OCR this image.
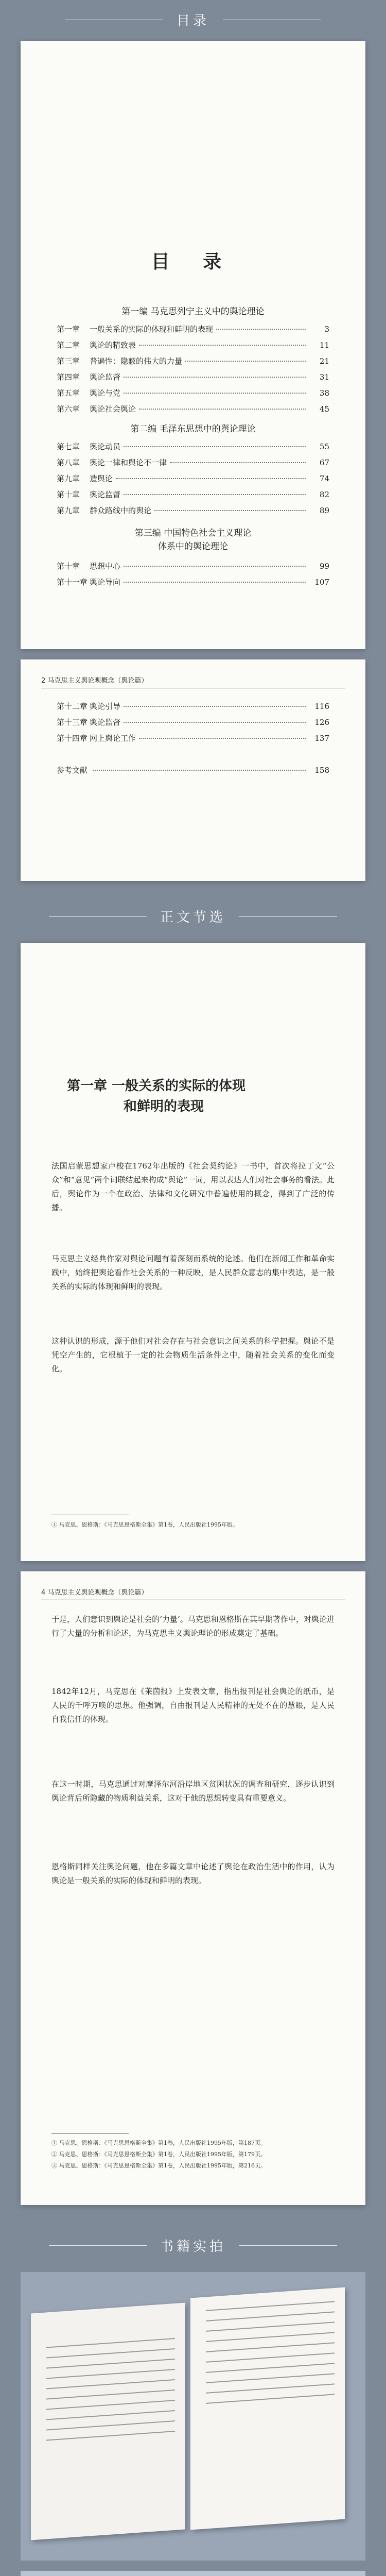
目录
目 录
第一编 马克思列宁主义中的舆论理论
第一章	一般关系的实际的体现和鲜明的表现	3
第二章	舆论的精致表	11
第三章	普遍性：隐蔽的伟大的力量	21
第四章	舆论监督	31
第五章	舆论与党	38
第六章	舆论社会舆论	45
第二编 毛泽东思想中的舆论理论
第七章	舆论动员	55
第八章	舆论一律和舆论不一律	67
第九章	造舆论	74
第十章	舆论监督	82
第九章	群众路线中的舆论	89
第三编 中国特色社会主义理论
体系中的舆论理论
第十章	思想中心	99
第十一章 舆论导向	107
2 马克思主义舆论观概念（舆论篇）
第十二章 舆论引导	116
第十三章 舆论监督	126
第十四章 网上舆论工作	137
参考文献	158
正文节选
第一章 一般关系的实际的体现
和鲜明的表现
法国启蒙思想家卢梭在1762年出版的《社会契约论》一书中，首次将拉丁文“公众”和“意见”两个词联结起来构成“舆论”一词，用以表达人们对社会事务的看法。此后，舆论作为一个在政治、法律和文化研究中普遍使用的概念，得到了广泛的传播。
马克思主义经典作家对舆论问题有着深刻而系统的论述。他们在新闻工作和革命实践中，始终把舆论看作社会关系的一种反映，是人民群众意志的集中表达，是一般关系的实际的体现和鲜明的表现。
这种认识的形成，源于他们对社会存在与社会意识之间关系的科学把握。舆论不是凭空产生的，它根植于一定的社会物质生活条件之中，随着社会关系的变化而变化。
① 马克思、恩格斯：《马克思恩格斯全集》第1卷，人民出版社1995年版。
4 马克思主义舆论观概念（舆论篇）
于是，人们意识到舆论是社会的‘力量’。马克思和恩格斯在其早期著作中，对舆论进行了大量的分析和论述，为马克思主义舆论理论的形成奠定了基础。
1842年12月，马克思在《莱茵报》上发表文章，指出报刊是社会舆论的纸币，是人民的千呼万唤的思想。他强调，自由报刊是人民精神的无处不在的慧眼，是人民自我信任的体现。
在这一时期，马克思通过对摩泽尔河沿岸地区贫困状况的调查和研究，逐步认识到舆论背后所隐藏的物质利益关系，这对于他的思想转变具有重要意义。
恩格斯同样关注舆论问题，他在多篇文章中论述了舆论在政治生活中的作用，认为舆论是一般关系的实际的体现和鲜明的表现。
① 马克思、恩格斯：《马克思恩格斯全集》第1卷，人民出版社1995年版，第187页。
② 马克思、恩格斯：《马克思恩格斯全集》第1卷，人民出版社1995年版，第179页。
③ 马克思、恩格斯：《马克思恩格斯全集》第1卷，人民出版社1995年版，第216页。
书籍实拍
